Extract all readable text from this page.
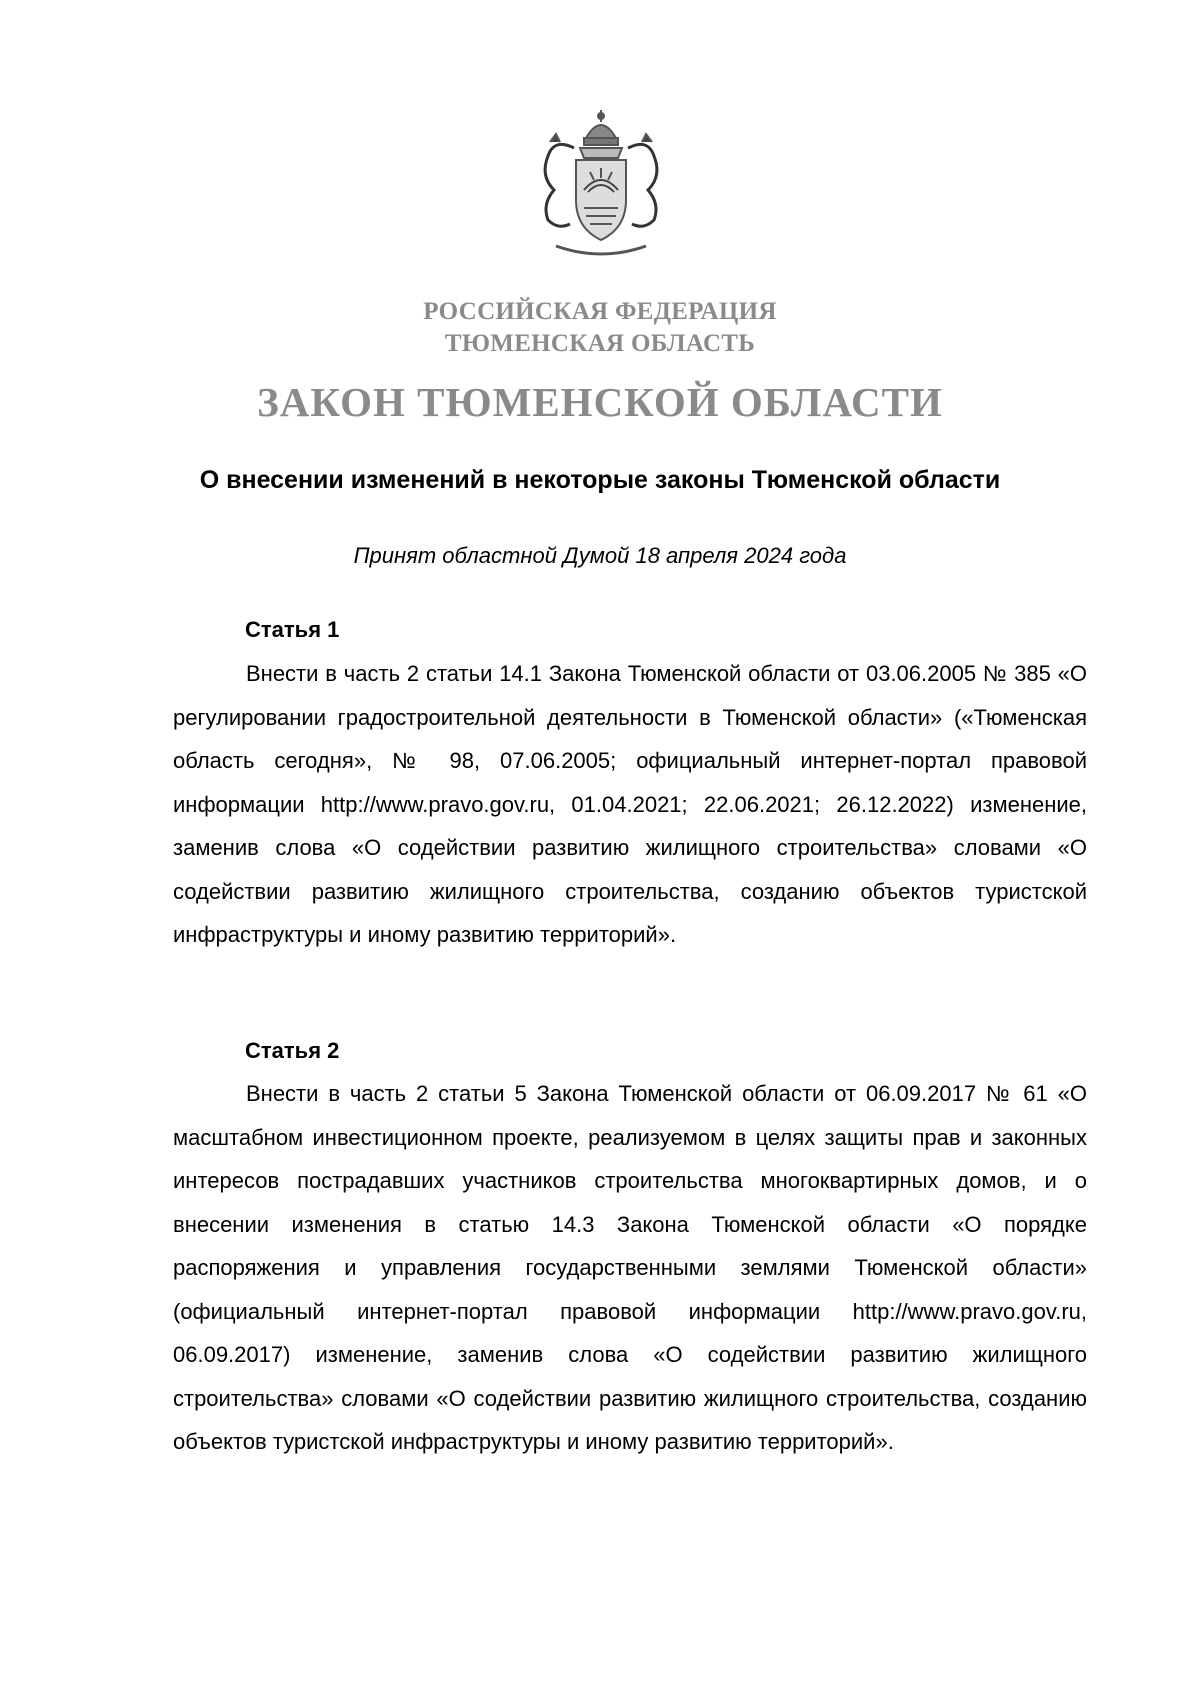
РОССИЙСКАЯ ФЕДЕРАЦИЯ
ТЮМЕНСКАЯ ОБЛАСТЬ
ЗАКОН ТЮМЕНСКОЙ ОБЛАСТИ
О внесении изменений в некоторые законы Тюменской области
Принят областной Думой 18 апреля 2024 года
Статья 1

Внести в часть 2 статьи 14.1 Закона Тюменской области от 03.06.2005 № 385 «О регулировании градостроительной деятельности в Тюменской области» («Тюменская область сегодня», № 98, 07.06.2005; официальный интернет-портал правовой информации http://www.pravo.gov.ru, 01.04.2021; 22.06.2021; 26.12.2022) изменение, заменив слова «О содействии развитию жилищного строительства» словами «О содействии развитию жилищного строительства, созданию объектов туристской инфраструктуры и иному развитию территорий».

Статья 2

Внести в часть 2 статьи 5 Закона Тюменской области от 06.09.2017 № 61 «О масштабном инвестиционном проекте, реализуемом в целях защиты прав и законных интересов пострадавших участников строительства многоквартирных домов, и о внесении изменения в статью 14.3 Закона Тюменской области «О порядке распоряжения и управления государственными землями Тюменской области» (официальный интернет-портал правовой информации http://www.pravo.gov.ru, 06.09.2017) изменение, заменив слова «О содействии развитию жилищного строительства» словами «О содействии развитию жилищного строительства, созданию объектов туристской инфраструктуры и иному развитию территорий».
